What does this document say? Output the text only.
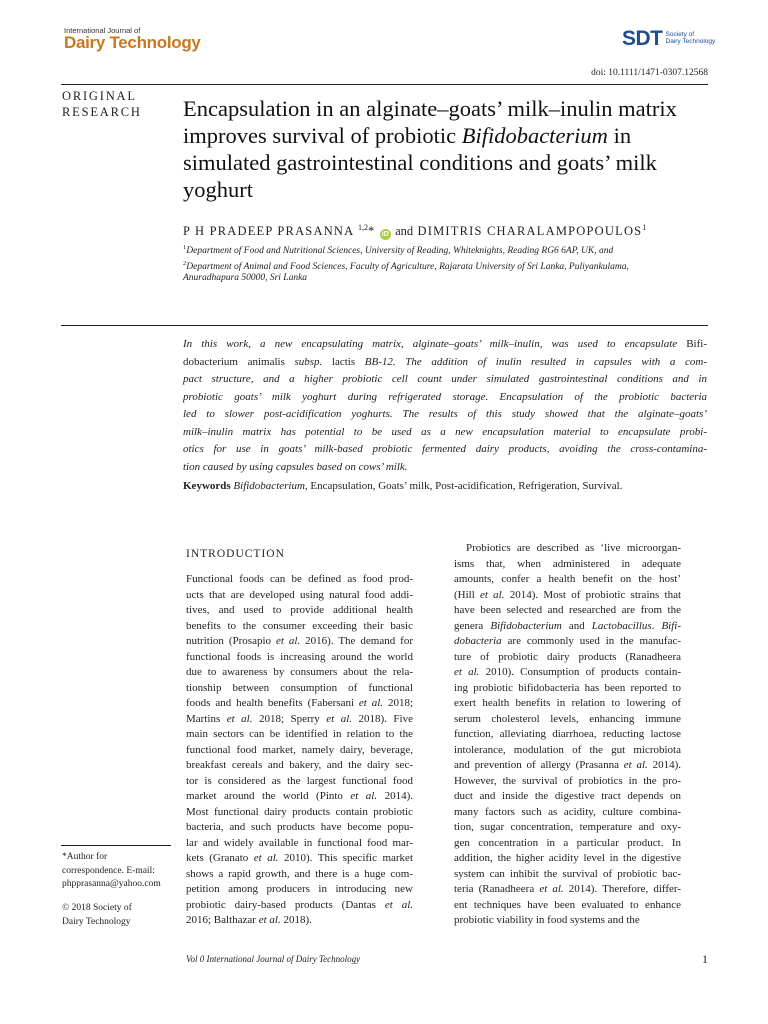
International Journal of
Dairy Technology	SDT Society of
Dairy Technology
doi: 10.1111/1471-0307.12568
ORIGINAL
RESEARCH Encapsulation in an alginate–goats’ milk–inulin matrix improves survival of probiotic Bifidobacterium in simulated gastrointestinal conditions and goats’ milk yoghurt
P H PRADEEP PRASANNA $^{1,2}$* iD and DIMITRIS CHARALAMPOPOULOS$^1$
$^1$Department of Food and Nutritional Sciences, University of Reading, Whiteknights, Reading RG6 6AP, UK, and
$^2$Department of Animal and Food Sciences, Faculty of Agriculture, Rajarata University of Sri Lanka, Puliyankulama,
Anuradhapura 50000, Sri Lanka
In this work, a new encapsulating matrix, alginate–goats’ milk–inulin, was used to encapsulate Bifi-
dobacterium animalis subsp. lactis BB-12. The addition of inulin resulted in capsules with a com-
pact structure, and a higher probiotic cell count under simulated gastrointestinal conditions and in
probiotic goats’ milk yoghurt during refrigerated storage. Encapsulation of the probiotic bacteria
led to slower post-acidification yoghurts. The results of this study showed that the alginate–goats’
milk–inulin matrix has potential to be used as a new encapsulation material to encapsulate probi-
otics for use in goats’ milk-based probiotic fermented dairy products, avoiding the cross-contamina-
tion caused by using capsules based on cows’ milk.
Keywords Bifidobacterium, Encapsulation, Goats’ milk, Post-acidification, Refrigeration, Survival.
INTRODUCTION
Functional foods can be defined as food prod-
ucts that are developed using natural food addi-
tives, and used to provide additional health
benefits to the consumer exceeding their basic
nutrition (Prosapio et al. 2016). The demand for
functional foods is increasing around the world
due to awareness by consumers about the rela-
tionship between consumption of functional
foods and health benefits (Fabersani et al. 2018;
Martins et al. 2018; Sperry et al. 2018). Five
main sectors can be identified in relation to the
functional food market, namely dairy, beverage,
breakfast cereals and bakery, and the dairy sec-
tor is considered as the largest functional food
market around the world (Pinto et al. 2014).
Most functional dairy products contain probiotic
bacteria, and such products have become popu-
lar and widely available in functional food mar-
kets (Granato et al. 2010). This specific market
shows a rapid growth, and there is a huge com-
petition among producers in introducing new
probiotic dairy-based products (Dantas et al.
2016; Balthazar et al. 2018).
Probiotics are described as ‘live microorgan-
isms that, when administered in adequate
amounts, confer a health benefit on the host’
(Hill et al. 2014). Most of probiotic strains that
have been selected and researched are from the
genera Bifidobacterium and Lactobacillus. Bifi-
dobacteria are commonly used in the manufac-
ture of probiotic dairy products (Ranadheera
et al. 2010). Consumption of products contain-
ing probiotic bifidobacteria has been reported to
exert health benefits in relation to lowering of
serum cholesterol levels, enhancing immune
function, alleviating diarrhoea, reducting lactose
intolerance, modulation of the gut microbiota
and prevention of allergy (Prasanna et al. 2014).
However, the survival of probiotics in the pro-
duct and inside the digestive tract depends on
many factors such as acidity, culture combina-
tion, sugar concentration, temperature and oxy-
gen concentration in a particular product. In
addition, the higher acidity level in the digestive
system can inhibit the survival of probiotic bac-
teria (Ranadheera et al. 2014). Therefore, differ-
ent techniques have been evaluated to enhance
probiotic viability in food systems and the
*Author for
correspondence. E-mail:
phpprasanna@yahoo.com
© 2018 Society of
Dairy Technology
Vol 0 International Journal of Dairy Technology	1
